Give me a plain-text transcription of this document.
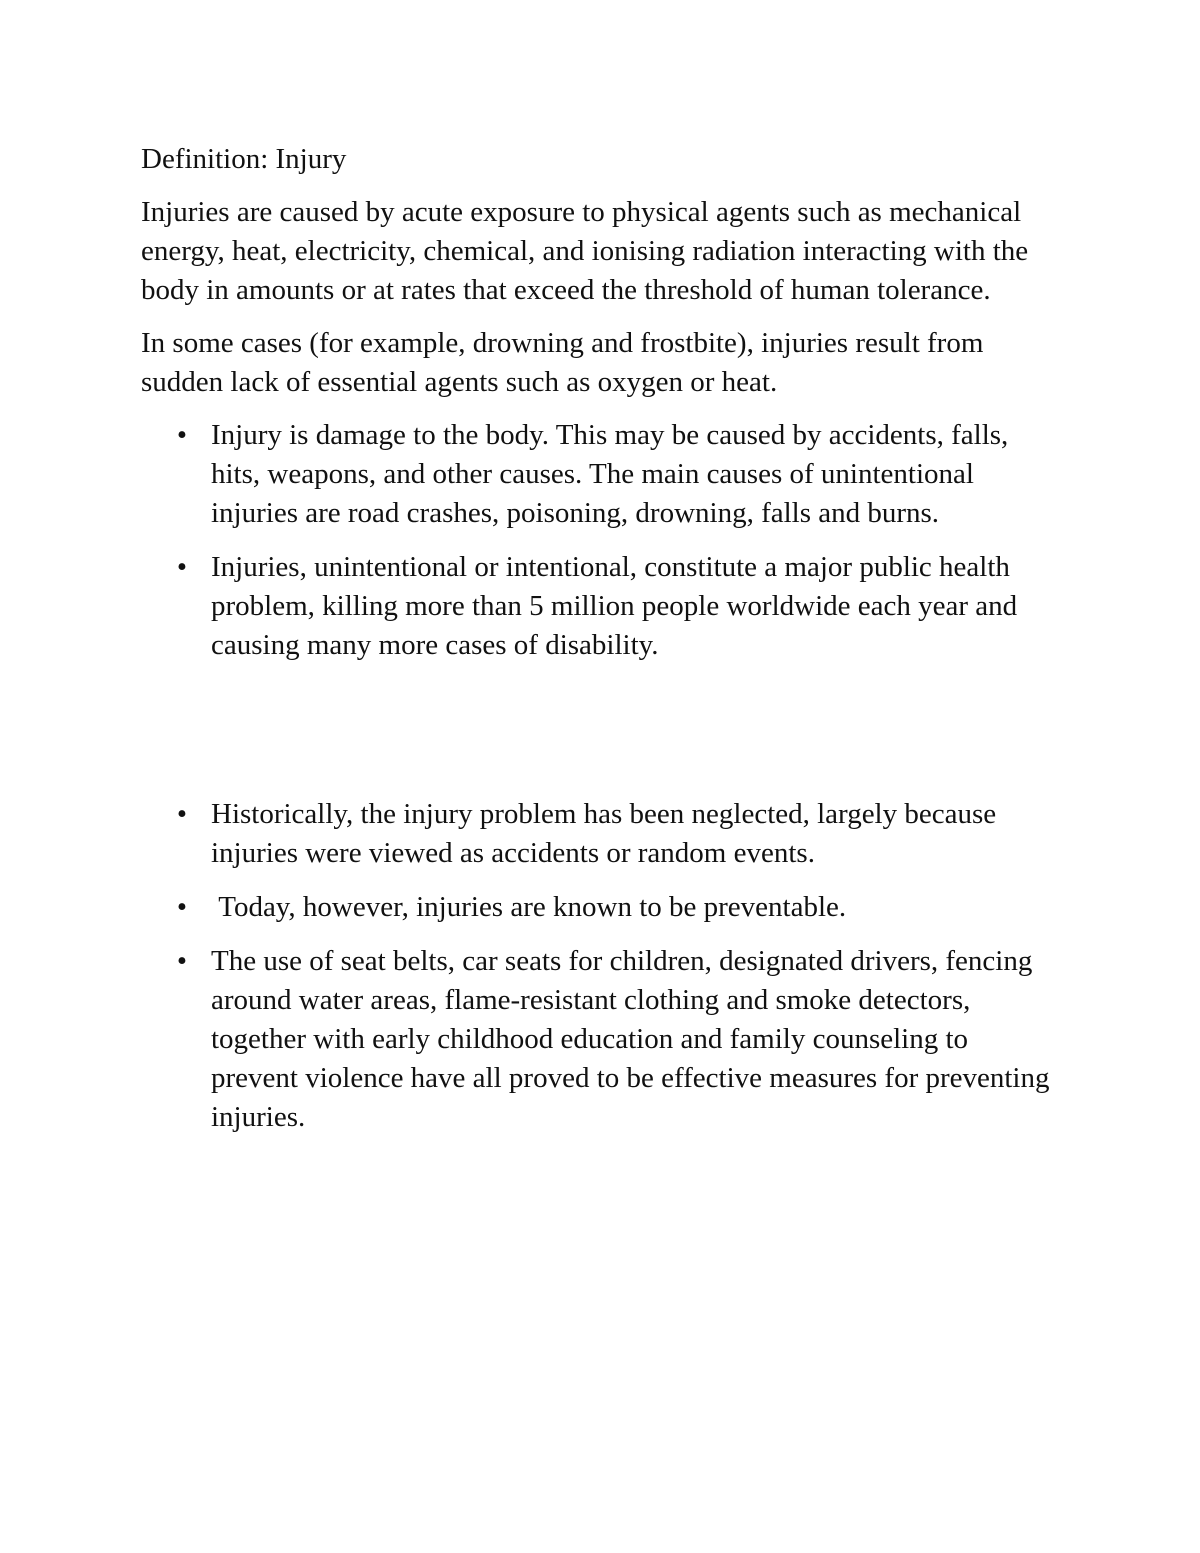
Definition: Injury

Injuries are caused by acute exposure to physical agents such as mechanical energy, heat, electricity, chemical, and ionising radiation interacting with the body in amounts or at rates that exceed the threshold of human tolerance.

In some cases (for example, drowning and frostbite), injuries result from sudden lack of essential agents such as oxygen or heat.

• Injury is damage to the body. This may be caused by accidents, falls, hits, weapons, and other causes. The main causes of unintentional injuries are road crashes, poisoning, drowning, falls and burns.
• Injuries, unintentional or intentional, constitute a major public health problem, killing more than 5 million people worldwide each year and causing many more cases of disability.
• Historically, the injury problem has been neglected, largely because injuries were viewed as accidents or random events.
• Today, however, injuries are known to be preventable.
• The use of seat belts, car seats for children, designated drivers, fencing around water areas, flame-resistant clothing and smoke detectors, together with early childhood education and family counseling to prevent violence have all proved to be effective measures for preventing injuries.
